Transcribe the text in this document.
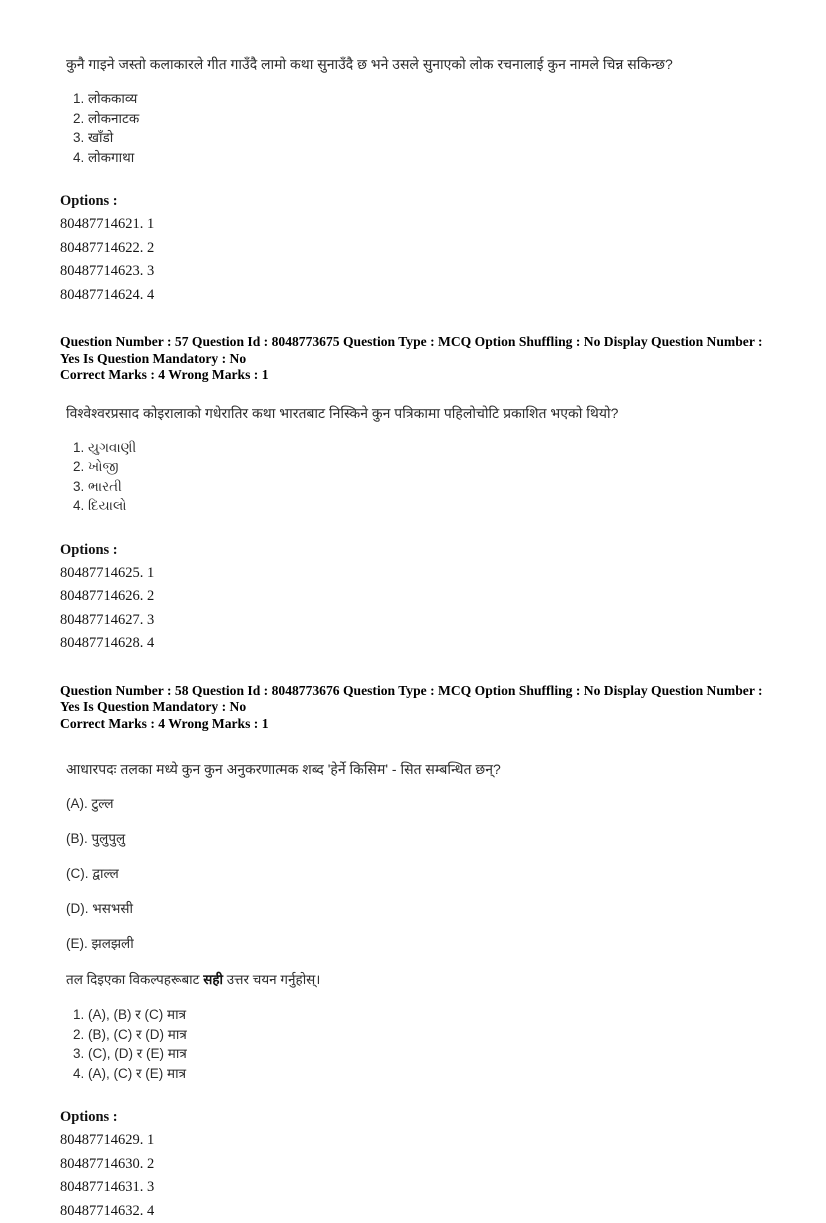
कुनै गाइने जस्तो कलाकारले गीत गाउँदै लामो कथा सुनाउँदै छ भने उसले सुनाएको लोक रचनालाई कुन नामले चिन्न सकिन्छ?

1. लोककाव्य
2. लोकनाटक
3. खाँडो
4. लोकगाथा
Options :
80487714621. 1
80487714622. 2
80487714623. 3
80487714624. 4
Question Number : 57 Question Id : 8048773675 Question Type : MCQ Option Shuffling : No Display Question Number : Yes Is Question Mandatory : No
Correct Marks : 4 Wrong Marks : 1

विश्वेश्वरप्रसाद कोइरालाको गधेरातिर कथा भारतबाट निस्किने कुन पत्रिकामा पहिलोचोटि प्रकाशित भएको थियो?

1. યુગવાણી
2. ખોજી
3. ભારતી
4. દિયાલો
Options :
80487714625. 1
80487714626. 2
80487714627. 3
80487714628. 4
Question Number : 58 Question Id : 8048773676 Question Type : MCQ Option Shuffling : No Display Question Number : Yes Is Question Mandatory : No
Correct Marks : 4 Wrong Marks : 1

आधारपदः तलका मध्ये कुन कुन अनुकरणात्मक शब्द 'हेर्ने किसिम' - सित सम्बन्धित छन्?

(A). टुल्ल
(B). पुलुपुलु
(C). द्वाल्ल
(D). भसभसी
(E). झलझली

तल दिइएका विकल्पहरूबाट सही उत्तर चयन गर्नुहोस्।

1. (A), (B) र (C) मात्र
2. (B), (C) र (D) मात्र
3. (C), (D) र (E) मात्र
4. (A), (C) र (E) मात्र
Options :
80487714629. 1
80487714630. 2
80487714631. 3
80487714632. 4
